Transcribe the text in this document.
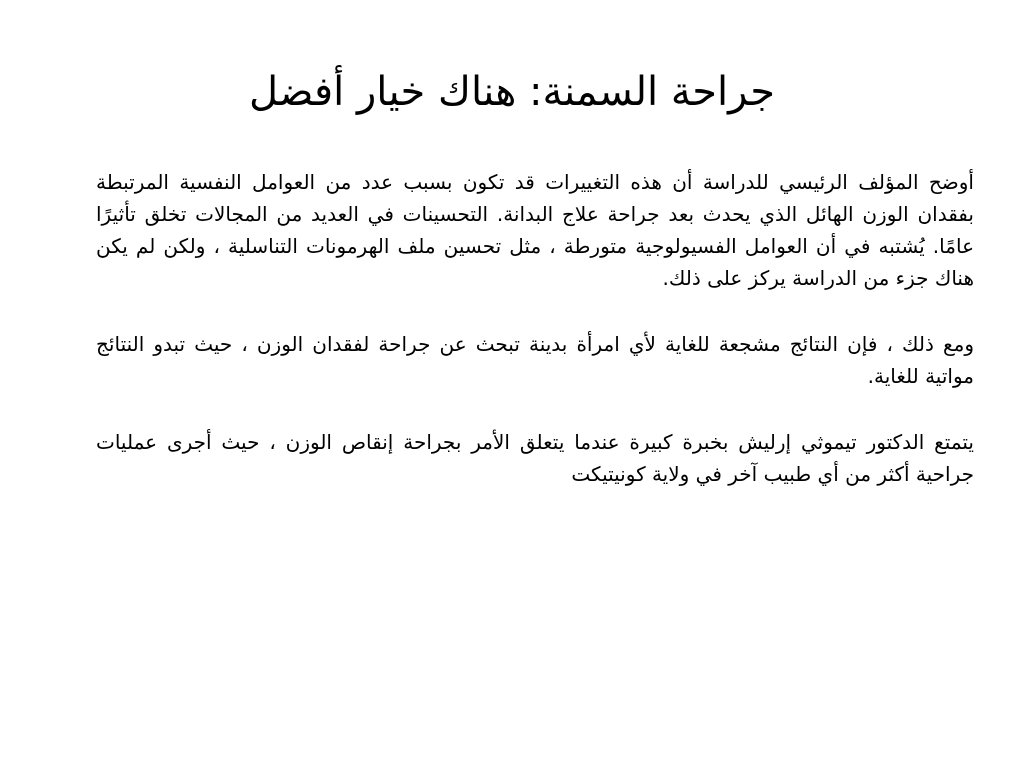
جراحة السمنة: هناك خيار أفضل

أوضح المؤلف الرئيسي للدراسة أن هذه التغييرات قد تكون بسبب عدد من العوامل النفسية المرتبطة بفقدان الوزن الهائل الذي يحدث بعد جراحة علاج البدانة. التحسينات في العديد من المجالات تخلق تأثيرًا عامًا. يُشتبه في أن العوامل الفسيولوجية متورطة ، مثل تحسين ملف الهرمونات التناسلية ، ولكن لم يكن هناك جزء من الدراسة يركز على ذلك.

ومع ذلك ، فإن النتائج مشجعة للغاية لأي امرأة بدينة تبحث عن جراحة لفقدان الوزن ، حيث تبدو النتائج مواتية للغاية.

يتمتع الدكتور تيموثي إرليش بخبرة كبيرة عندما يتعلق الأمر بجراحة إنقاص الوزن ، حيث أجرى عمليات جراحية أكثر من أي طبيب آخر في ولاية كونيتيكت
